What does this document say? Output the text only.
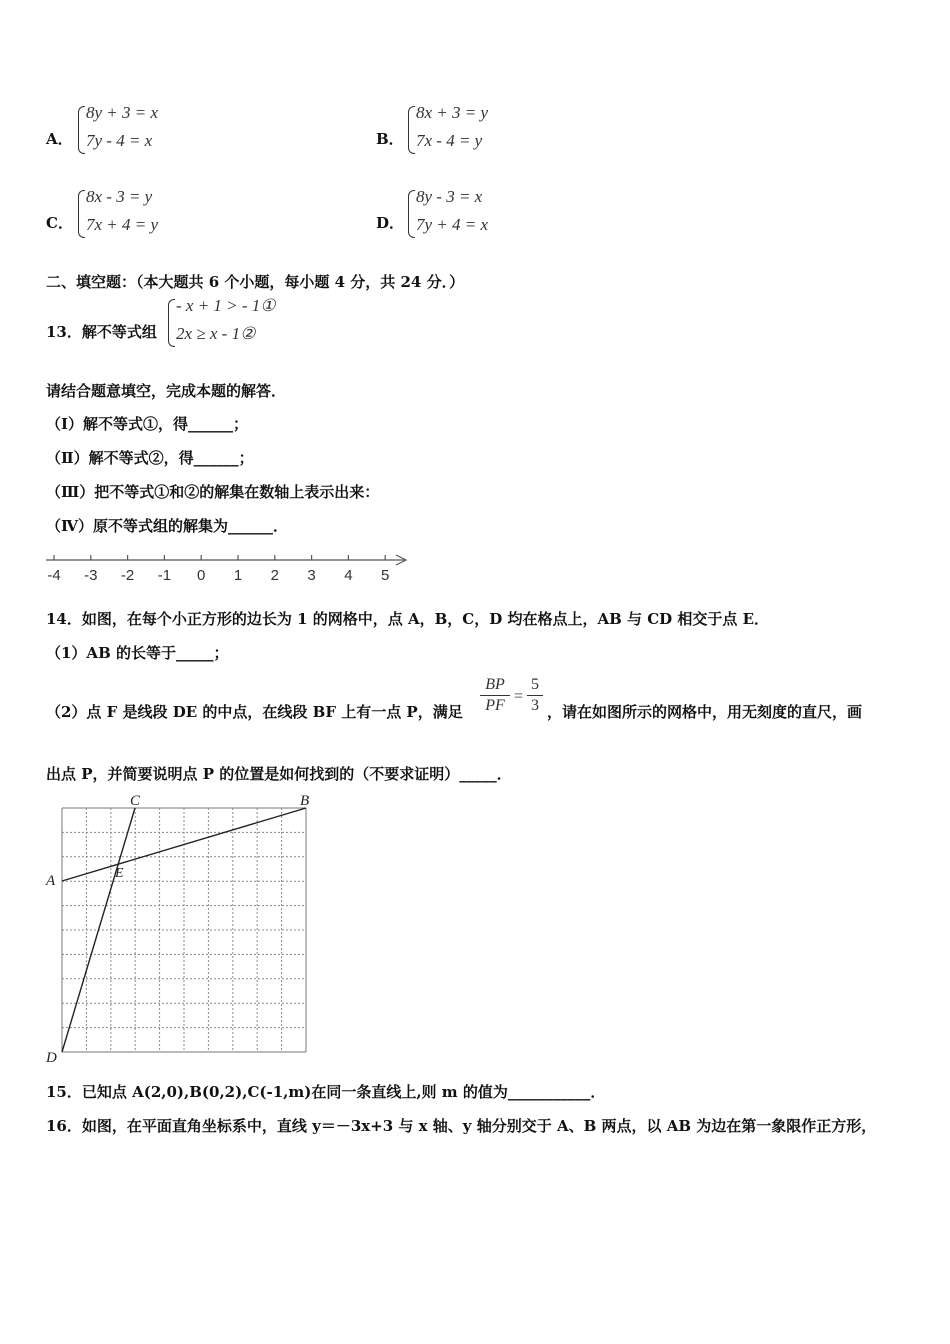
A．
8y + 3 = x
7y - 4 = x	B．
8x + 3 = y
7x - 4 = y
C．
8x - 3 = y
7x + 4 = y	D．
8y - 3 = x
7y + 4 = x
二、填空题：（本大题共 6 个小题，每小题 4 分，共 24 分．）
13．解不等式组
- x + 1 > - 1①
2x ≥ x - 1②
请结合题意填空，完成本题的解答．
（Ⅰ）解不等式①，得______；
（Ⅱ）解不等式②，得______；
（Ⅲ）把不等式①和②的解集在数轴上表示出来：
（Ⅳ）原不等式组的解集为______．
-4 -3 -2 -1 0 1 2 3 4 5
14．如图，在每个小正方形的边长为 1 的网格中，点 A，B，C，D 均在格点上，AB 与 CD 相交于点 E．
（1）AB 的长等于_____；
（2）点 F 是线段 DE 的中点，在线段 BF 上有一点 P，满足
BP
PF
=
5
3 ，请在如图所示的网格中，用无刻度的直尺，画
出点 P，并简要说明点 P 的位置是如何找到的（不要求证明）_____．
A
B
C
D
E
15．已知点 A(2,0),B(0,2),C(-1,m)在同一条直线上,则 m 的值为___________．
16．如图，在平面直角坐标系中，直线 y＝－3x+3 与 x 轴、y 轴分别交于 A、B 两点，以 AB 为边在第一象限作正方形，
